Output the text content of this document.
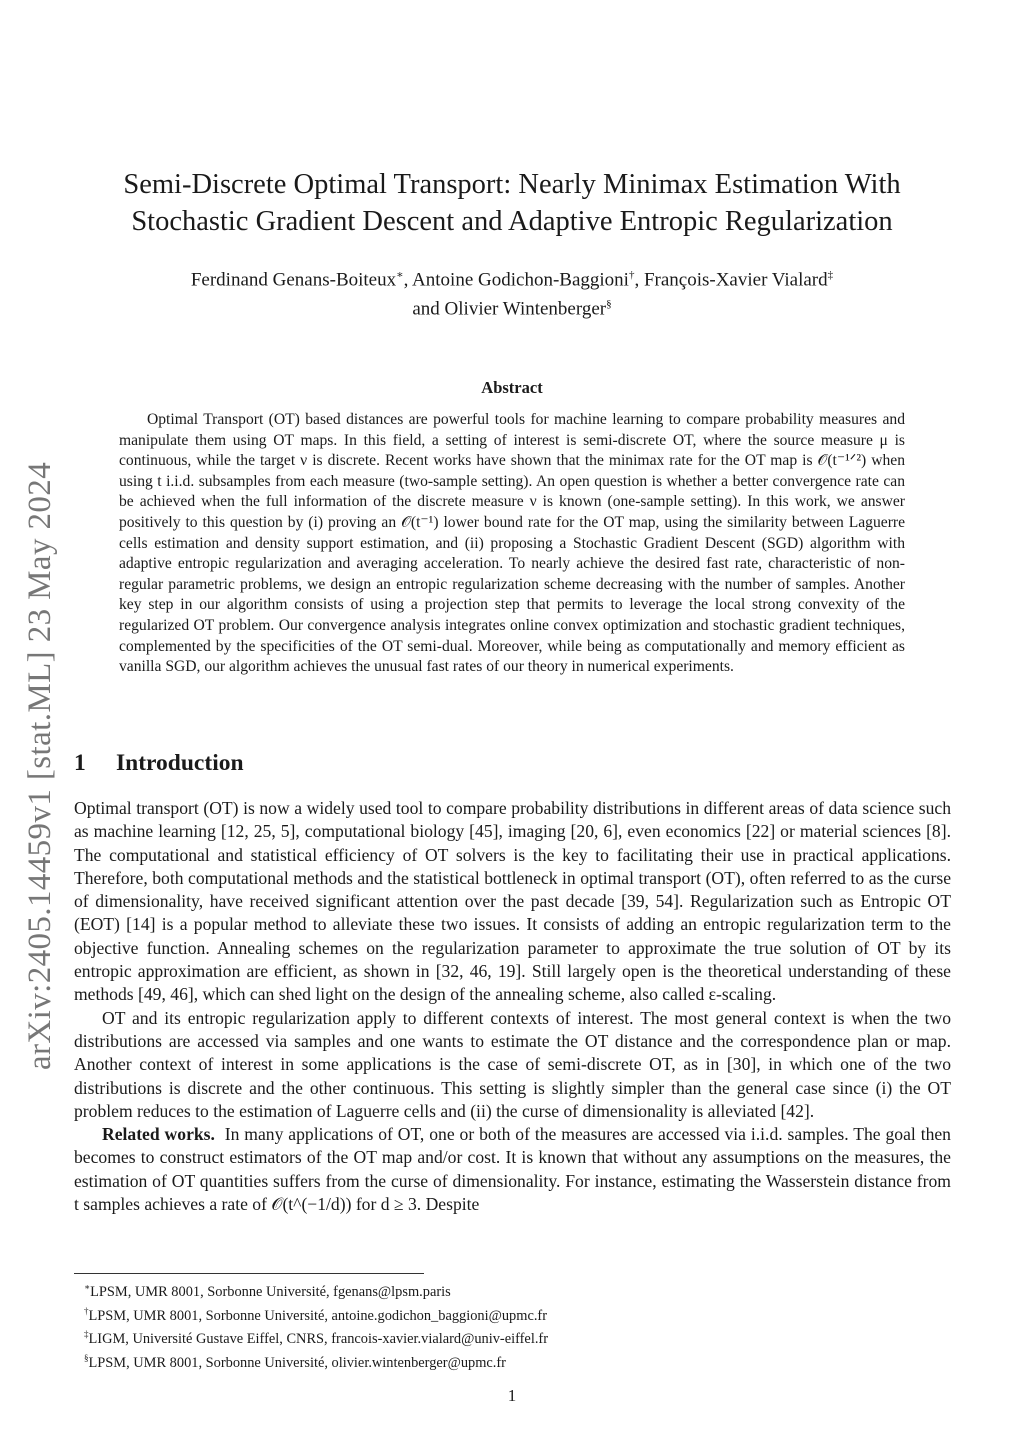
arXiv:2405.14459v1 [stat.ML] 23 May 2024
Semi-Discrete Optimal Transport: Nearly Minimax Estimation With
Stochastic Gradient Descent and Adaptive Entropic Regularization
Ferdinand Genans-Boiteux∗, Antoine Godichon-Baggioni†, François-Xavier Vialard‡
and Olivier Wintenberger§
Abstract

Optimal Transport (OT) based distances are powerful tools for machine learning to compare probability measures and manipulate them using OT maps. In this field, a setting of interest is semi-discrete OT, where the source measure μ is continuous, while the target ν is discrete. Recent works have shown that the minimax rate for the OT map is 𝒪(t⁻¹ᐟ²) when using t i.i.d. subsamples from each measure (two-sample setting). An open question is whether a better convergence rate can be achieved when the full information of the discrete measure ν is known (one-sample setting). In this work, we answer positively to this question by (i) proving an 𝒪(t⁻¹) lower bound rate for the OT map, using the similarity between Laguerre cells estimation and density support estimation, and (ii) proposing a Stochastic Gradient Descent (SGD) algorithm with adaptive entropic regularization and averaging acceleration. To nearly achieve the desired fast rate, characteristic of non-regular parametric problems, we design an entropic regularization scheme decreasing with the number of samples. Another key step in our algorithm consists of using a projection step that permits to leverage the local strong convexity of the regularized OT problem. Our convergence analysis integrates online convex optimization and stochastic gradient techniques, complemented by the specificities of the OT semi-dual. Moreover, while being as computationally and memory efficient as vanilla SGD, our algorithm achieves the unusual fast rates of our theory in numerical experiments.

1 Introduction

Optimal transport (OT) is now a widely used tool to compare probability distributions in different areas of data science such as machine learning [12, 25, 5], computational biology [45], imaging [20, 6], even economics [22] or material sciences [8]. The computational and statistical efficiency of OT solvers is the key to facilitating their use in practical applications. Therefore, both computational methods and the statistical bottleneck in optimal transport (OT), often referred to as the curse of dimensionality, have received significant attention over the past decade [39, 54]. Regularization such as Entropic OT (EOT) [14] is a popular method to alleviate these two issues. It consists of adding an entropic regularization term to the objective function. Annealing schemes on the regularization parameter to approximate the true solution of OT by its entropic approximation are efficient, as shown in [32, 46, 19]. Still largely open is the theoretical understanding of these methods [49, 46], which can shed light on the design of the annealing scheme, also called ε-scaling.

OT and its entropic regularization apply to different contexts of interest. The most general context is when the two distributions are accessed via samples and one wants to estimate the OT distance and the correspondence plan or map. Another context of interest in some applications is the case of semi-discrete OT, as in [30], in which one of the two distributions is discrete and the other continuous. This setting is slightly simpler than the general case since (i) the OT problem reduces to the estimation of Laguerre cells and (ii) the curse of dimensionality is alleviated [42].

Related works. In many applications of OT, one or both of the measures are accessed via i.i.d. samples. The goal then becomes to construct estimators of the OT map and/or cost. It is known that without any assumptions on the measures, the estimation of OT quantities suffers from the curse of dimensionality. For instance, estimating the Wasserstein distance from t samples achieves a rate of 𝒪(t^(−1/d)) for d ≥ 3. Despite

∗LPSM, UMR 8001, Sorbonne Université, fgenans@lpsm.paris
†LPSM, UMR 8001, Sorbonne Université, antoine.godichon_baggioni@upmc.fr
‡LIGM, Université Gustave Eiffel, CNRS, francois-xavier.vialard@univ-eiffel.fr
§LPSM, UMR 8001, Sorbonne Université, olivier.wintenberger@upmc.fr
1
